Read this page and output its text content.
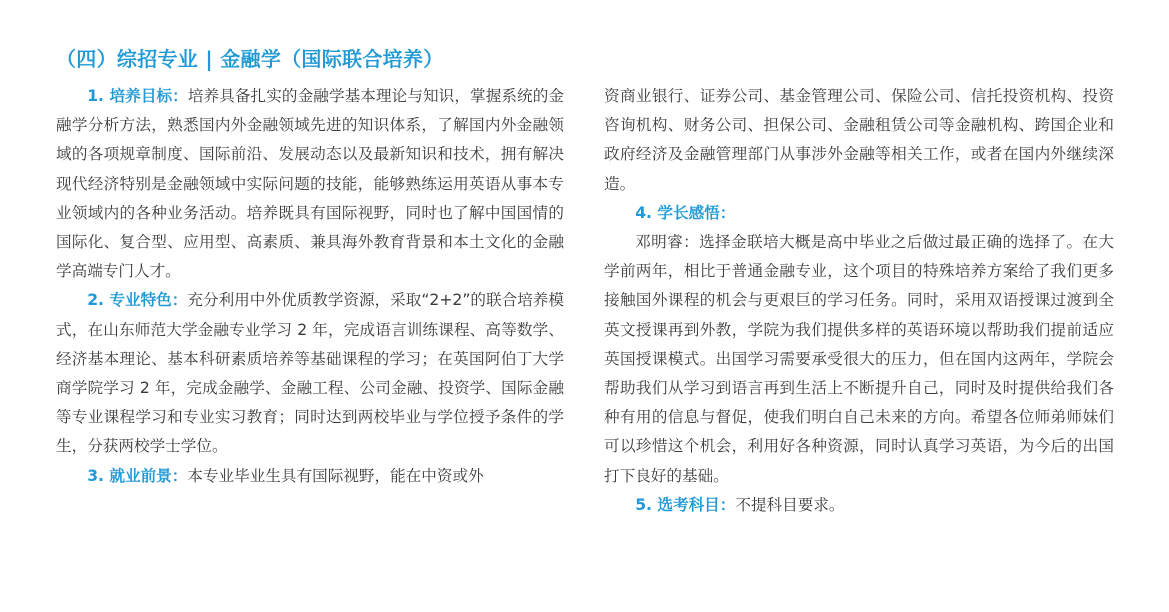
（四）综招专业 | 金融学（国际联合培养）

1. 培养目标：培养具备扎实的金融学基本理论与知识，掌握系统的金融学分析方法，熟悉国内外金融领域先进的知识体系，了解国内外金融领域的各项规章制度、国际前沿、发展动态以及最新知识和技术，拥有解决现代经济特别是金融领域中实际问题的技能，能够熟练运用英语从事本专业领域内的各种业务活动。培养既具有国际视野，同时也了解中国国情的国际化、复合型、应用型、高素质、兼具海外教育背景和本土文化的金融学高端专门人才。

2. 专业特色：充分利用中外优质教学资源，采取“2+2”的联合培养模式，在山东师范大学金融专业学习 2 年，完成语言训练课程、高等数学、经济基本理论、基本科研素质培养等基础课程的学习；在英国阿伯丁大学商学院学习 2 年，完成金融学、金融工程、公司金融、投资学、国际金融等专业课程学习和专业实习教育；同时达到两校毕业与学位授予条件的学生，分获两校学士学位。

3. 就业前景：本专业毕业生具有国际视野，能在中资或外

资商业银行、证券公司、基金管理公司、保险公司、信托投资机构、投资咨询机构、财务公司、担保公司、金融租赁公司等金融机构、跨国企业和政府经济及金融管理部门从事涉外金融等相关工作，或者在国内外继续深造。

4. 学长感悟：

邓明睿：选择金联培大概是高中毕业之后做过最正确的选择了。在大学前两年，相比于普通金融专业，这个项目的特殊培养方案给了我们更多接触国外课程的机会与更艰巨的学习任务。同时，采用双语授课过渡到全英文授课再到外教，学院为我们提供多样的英语环境以帮助我们提前适应英国授课模式。出国学习需要承受很大的压力，但在国内这两年，学院会帮助我们从学习到语言再到生活上不断提升自己，同时及时提供给我们各种有用的信息与督促，使我们明白自己未来的方向。希望各位师弟师妹们可以珍惜这个机会，利用好各种资源，同时认真学习英语，为今后的出国打下良好的基础。

5. 选考科目：不提科目要求。
